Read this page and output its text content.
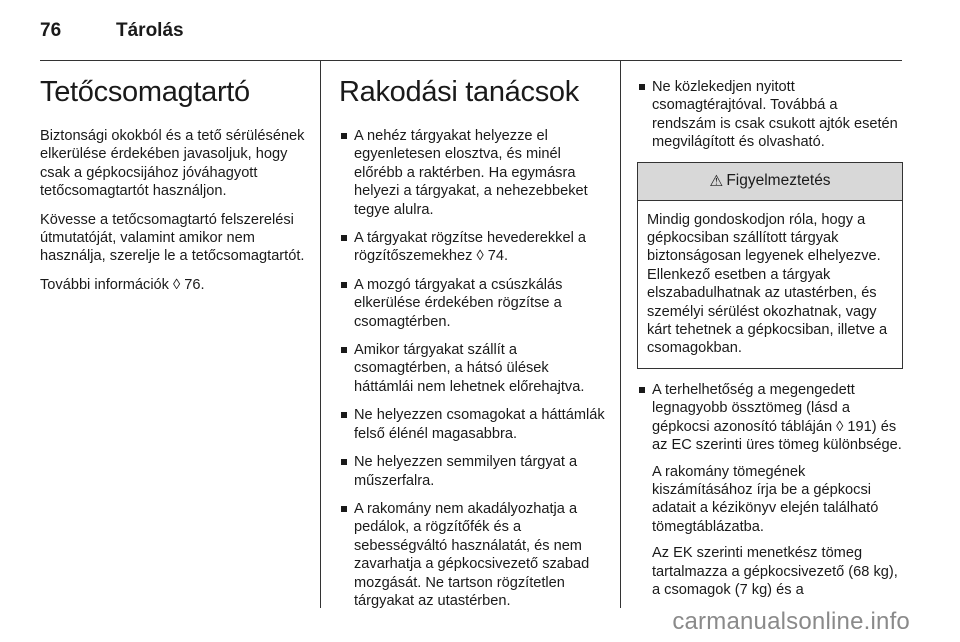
76	Tárolás
Tetőcsomagtartó

Biztonsági okokból és a tető sérülésének elkerülése érdekében javasoljuk, hogy csak a gépkocsijához jóváhagyott tetőcsomagtartót használjon.

Kövesse a tetőcsomagtartó felszerelési útmutatóját, valamint amikor nem használja, szerelje le a tetőcsomagtartót.

További információk ◊ 76.

Rakodási tanácsok
A nehéz tárgyakat helyezze el egyenletesen elosztva, és minél előrébb a raktérben. Ha egymásra helyezi a tárgyakat, a nehezebbeket tegye alulra.
A tárgyakat rögzítse hevederekkel a rögzítőszemekhez ◊ 74.
A mozgó tárgyakat a csúszkálás elkerülése érdekében rögzítse a csomagtérben.
Amikor tárgyakat szállít a csomagtérben, a hátsó ülések háttámlái nem lehetnek előrehajtva.
Ne helyezzen csomagokat a háttámlák felső élénél magasabbra.
Ne helyezzen semmilyen tárgyat a műszerfalra.
A rakomány nem akadályozhatja a pedálok, a rögzítőfék és a sebességváltó használatát, és nem zavarhatja a gépkocsivezető szabad mozgását. Ne tartson rögzítetlen tárgyakat az utastérben.
Ne közlekedjen nyitott csomagtérajtóval. Továbbá a rendszám is csak csukott ajtók esetén megvilágított és olvasható.
⚠ Figyelmeztetés
Mindig gondoskodjon róla, hogy a gépkocsiban szállított tárgyak biztonságosan legyenek elhelyezve. Ellenkező esetben a tárgyak elszabadulhatnak az utastérben, és személyi sérülést okozhatnak, vagy kárt tehetnek a gépkocsiban, illetve a csomagokban.
A terhelhetőség a megengedett legnagyobb össztömeg (lásd a gépkocsi azonosító tábláján ◊ 191) és az EC szerinti üres tömeg különbsége.

A rakomány tömegének kiszámításához írja be a gépkocsi adatait a kézikönyv elején található tömegtáblázatba.

Az EK szerinti menetkész tömeg tartalmazza a gépkocsivezető (68 kg), a csomagok (7 kg) és a

carmanualsonline.info
